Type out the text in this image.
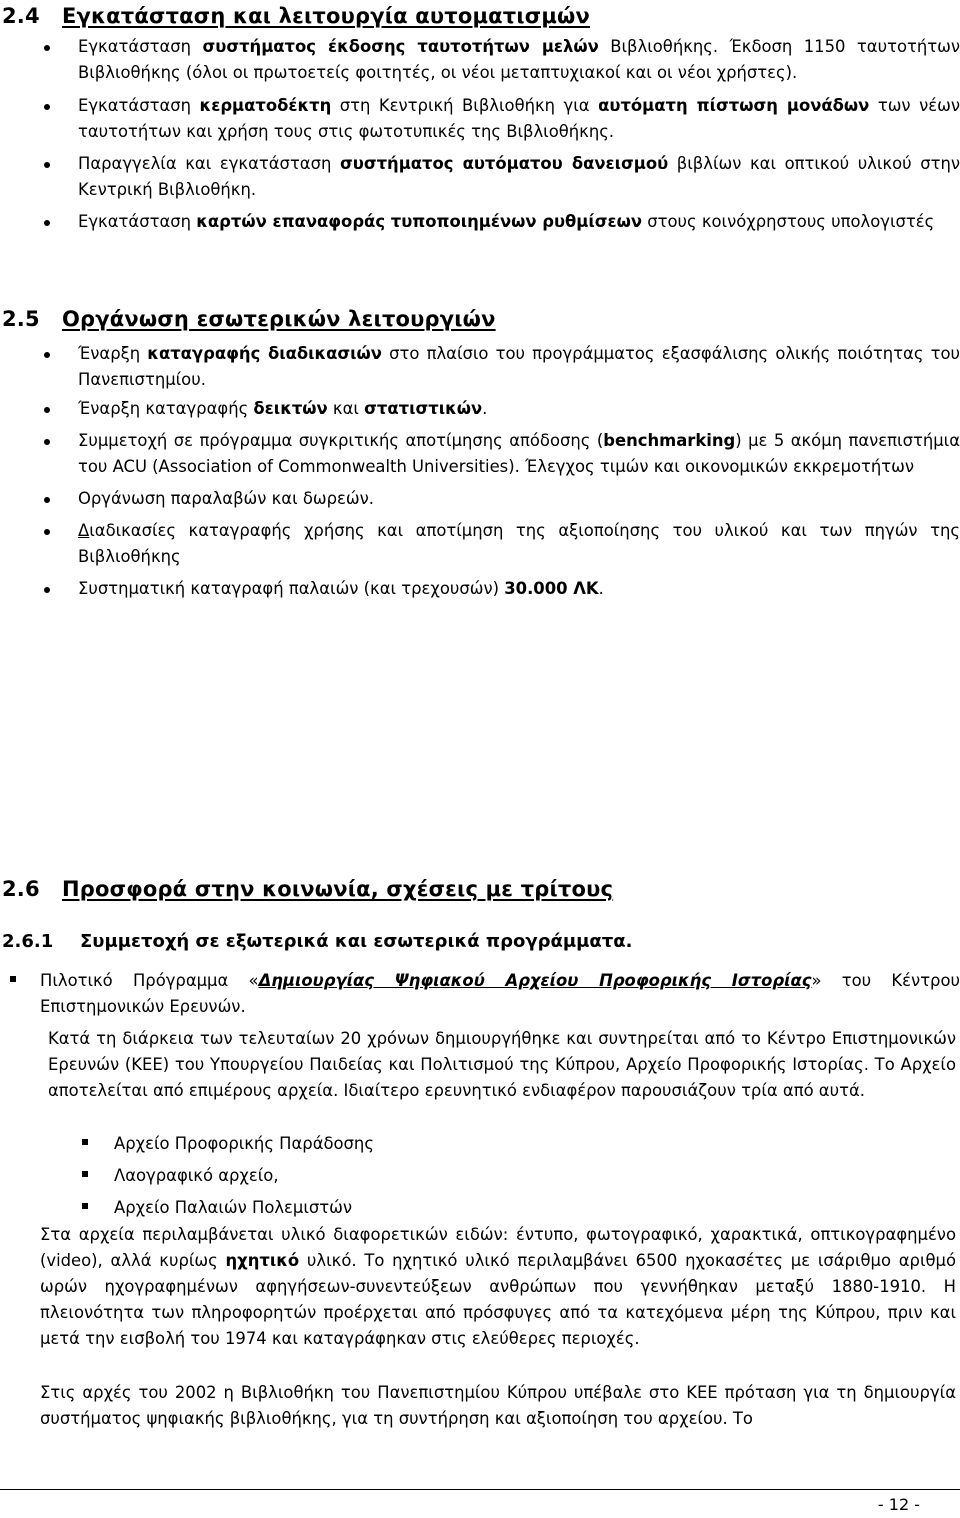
2.4 Εγκατάσταση και λειτουργία αυτοματισμών
Εγκατάσταση συστήματος έκδοσης ταυτοτήτων μελών Βιβλιοθήκης. Έκδοση 1150 ταυτοτήτων Βιβλιοθήκης (όλοι οι πρωτοετείς φοιτητές, οι νέοι μεταπτυχιακοί και οι νέοι χρήστες).
Εγκατάσταση κερματοδέκτη στη Κεντρική Βιβλιοθήκη για αυτόματη πίστωση μονάδων των νέων ταυτοτήτων και χρήση τους στις φωτοτυπικές της Βιβλιοθήκης.
Παραγγελία και εγκατάσταση συστήματος αυτόματου δανεισμού βιβλίων και οπτικού υλικού στην Κεντρική Βιβλιοθήκη.
Εγκατάσταση καρτών επαναφοράς τυποποιημένων ρυθμίσεων στους κοινόχρηστους υπολογιστές
2.5 Οργάνωση εσωτερικών λειτουργιών
Έναρξη καταγραφής διαδικασιών στο πλαίσιο του προγράμματος εξασφάλισης ολικής ποιότητας του Πανεπιστημίου.
Έναρξη καταγραφής δεικτών και στατιστικών.
Συμμετοχή σε πρόγραμμα συγκριτικής αποτίμησης απόδοσης (benchmarking) με 5 ακόμη πανεπιστήμια του ACU (Association of Commonwealth Universities). Έλεγχος τιμών και οικονομικών εκκρεμοτήτων
Οργάνωση παραλαβών και δωρεών.
Διαδικασίες καταγραφής χρήσης και αποτίμηση της αξιοποίησης του υλικού και των πηγών της Βιβλιοθήκης
Συστηματική καταγραφή παλαιών (και τρεχουσών) 30.000 ΛΚ.
2.6 Προσφορά στην κοινωνία, σχέσεις με τρίτους
2.6.1 Συμμετοχή σε εξωτερικά και εσωτερικά προγράμματα.
Πιλοτικό Πρόγραμμα «Δημιουργίας Ψηφιακού Αρχείου Προφορικής Ιστορίας» του Κέντρου Επιστημονικών Ερευνών.

Κατά τη διάρκεια των τελευταίων 20 χρόνων δημιουργήθηκε και συντηρείται από το Κέντρο Επιστημονικών Ερευνών (ΚΕΕ) του Υπουργείου Παιδείας και Πολιτισμού της Κύπρου, Αρχείο Προφορικής Ιστορίας. Το Αρχείο αποτελείται από επιμέρους αρχεία. Ιδιαίτερο ερευνητικό ενδιαφέρον παρουσιάζουν τρία από αυτά.

Αρχείο Προφορικής Παράδοσης
Λαογραφικό αρχείο,
Αρχείο Παλαιών Πολεμιστών

Στα αρχεία περιλαμβάνεται υλικό διαφορετικών ειδών: έντυπο, φωτογραφικό, χαρακτικά, οπτικογραφημένο (video), αλλά κυρίως ηχητικό υλικό. Το ηχητικό υλικό περιλαμβάνει 6500 ηχοκασέτες με ισάριθμο αριθμό ωρών ηχογραφημένων αφηγήσεων-συνεντεύξεων ανθρώπων που γεννήθηκαν μεταξύ 1880-1910. Η πλειονότητα των πληροφορητών προέρχεται από πρόσφυγες από τα κατεχόμενα μέρη της Κύπρου, πριν και μετά την εισβολή του 1974 και καταγράφηκαν στις ελεύθερες περιοχές.

Στις αρχές του 2002 η Βιβλιοθήκη του Πανεπιστημίου Κύπρου υπέβαλε στο ΚΕΕ πρόταση για τη δημιουργία συστήματος ψηφιακής βιβλιοθήκης, για τη συντήρηση και αξιοποίηση του αρχείου. Το

- 12 -
